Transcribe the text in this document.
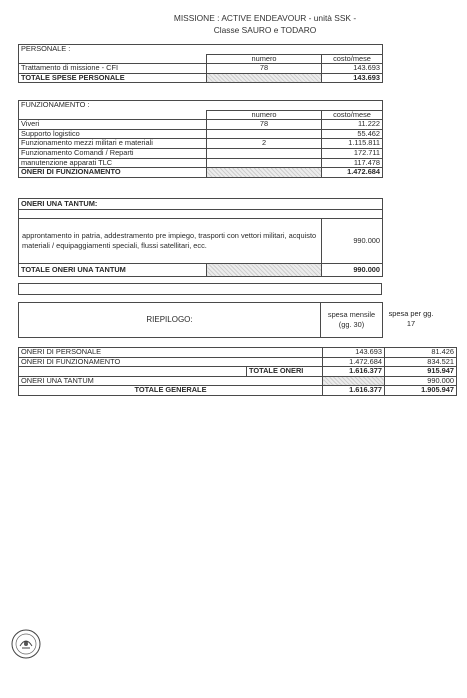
MISSIONE : ACTIVE ENDEAVOUR - unità SSK -
Classe SAURO e TODARO
PERSONALE :		
	numero	costo/mese
Trattamento di missione - CFI	78	143.693
TOTALE SPESE PERSONALE		143.693
FUNZIONAMENTO :		
	numero	costo/mese
Viveri	78	11.222
Supporto logistico		55.462
Funzionamento mezzi militari e materiali	2	1.115.811
Funzionamento Comandi / Reparti		172.711
manutenzione apparati TLC		117.478
ONERI DI FUNZIONAMENTO		1.472.684
ONERI UNA TANTUM:		

approntamento in patria, addestramento pre impiego, trasporti con vettori militari, acquisto materiali / equipaggiamenti speciali, flussi satellitari, ecc.		990.000
TOTALE ONERI UNA TANTUM		990.000
RIEPILOGO:	spesa mensile (gg. 30)
spesa per gg. 17
ONERI DI PERSONALE		143.693	81.426
ONERI DI FUNZIONAMENTO		1.472.684	834.521
	TOTALE ONERI	1.616.377	915.947
ONERI UNA TANTUM			990.000
TOTALE GENERALE		1.616.377	1.905.947
